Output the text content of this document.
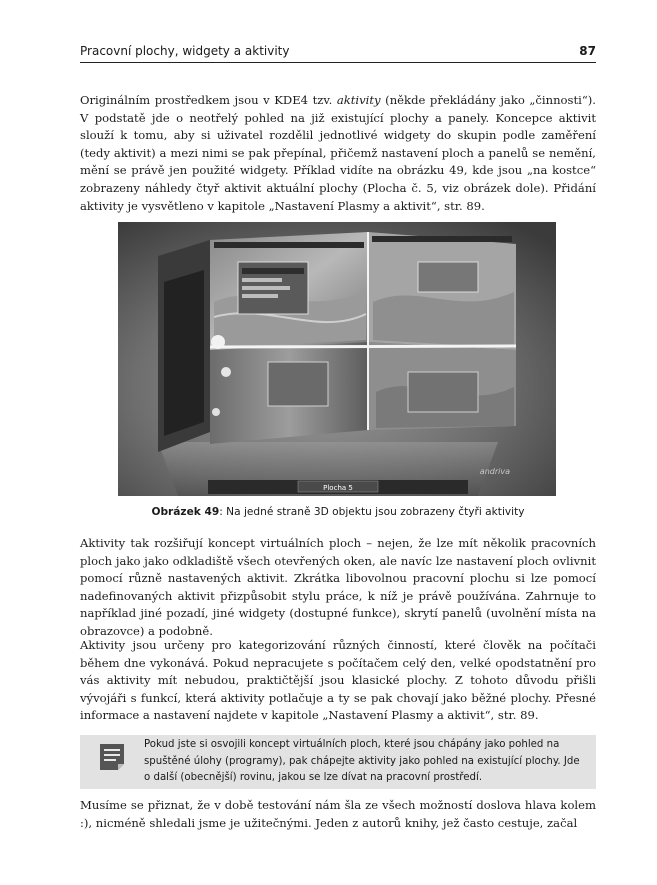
Pracovní plochy, widgety a aktivity	87

Originálním prostředkem jsou v KDE4 tzv. aktivity (někde překládány jako „činnosti“). V podstatě jde o neotřelý pohled na již existující plochy a panely. Koncepce aktivit slouží k tomu, aby si uživatel rozdělil jednotlivé widgety do skupin podle zaměření (tedy aktivit) a mezi nimi se pak přepínal, přičemž nastavení ploch a panelů se nemění, mění se právě jen použité widgety. Příklad vidíte na obrázku 49, kde jsou „na kostce“ zobrazeny náhledy čtyř aktivit aktuální plochy (Plocha č. 5, viz obrázek dole). Přidání aktivity je vysvětleno v kapitole „Nastavení Plasmy a aktivit“, str. 89.

Plocha 5
andriva
Obrázek 49: Na jedné straně 3D objektu jsou zobrazeny čtyři aktivity

Aktivity tak rozšiřují koncept virtuálních ploch – nejen, že lze mít několik pracovních ploch jako jako odkladiště všech otevřených oken, ale navíc lze nastavení ploch ovlivnit pomocí různě nastavených aktivit. Zkrátka libovolnou pracovní plochu si lze pomocí nadefinovaných aktivit přizpůsobit stylu práce, k níž je právě používána. Zahrnuje to například jiné pozadí, jiné widgety (dostupné funkce), skrytí panelů (uvolnění místa na obrazovce) a podobně.

Aktivity jsou určeny pro kategorizování různých činností, které člověk na počítači během dne vykonává. Pokud nepracujete s počítačem celý den, velké opodstatnění pro vás aktivity mít nebudou, praktičtější jsou klasické plochy. Z tohoto důvodu přišli vývojáři s funkcí, která aktivity potlačuje a ty se pak chovají jako běžné plochy. Přesné informace a nastavení najdete v kapitole „Nastavení Plasmy a aktivit“, str. 89.

Pokud jste si osvojili koncept virtuálních ploch, které jsou chápány jako pohled na spuštěné úlohy (programy), pak chápejte aktivity jako pohled na existující plochy. Jde o další (obecnější) rovinu, jakou se lze dívat na pracovní prostředí.

Musíme se přiznat, že v době testování nám šla ze všech možností doslova hlava kolem :), nicméně shledali jsme je užitečnými. Jeden z autorů knihy, jež často cestuje, začal
